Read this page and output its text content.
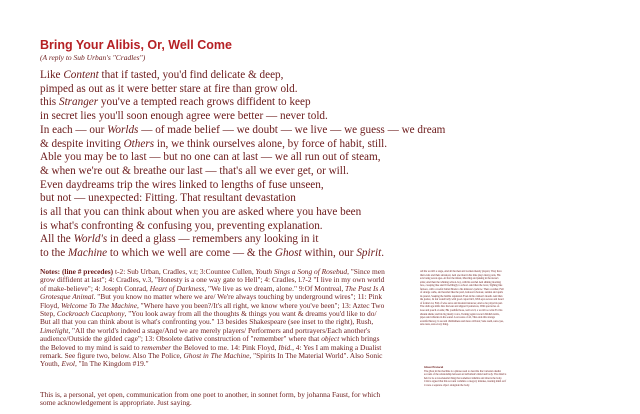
Bring Your Alibis, Or, Well Come
(A reply to Sub Urban's "Cradles")
Like Content that if tasted, you'd find delicate & deep,
pimped as out as it were better stare at fire than grow old.
this Stranger you've a tempted reach grows diffident to keep
in secret lies you'll soon enough agree were better — never told.
In each — our Worlds — of made belief — we doubt — we live — we guess — we dream
& despite inviting Others in, we think ourselves alone, by force of habit, still.
Able you may be to last — but no one can at last — we all run out of steam,
& when we're out & breathe our last — that's all we ever get, or will.
Even daydreams trip the wires linked to lengths of fuse unseen,
but not — unexpected: Fitting. That resultant devastation
is all that you can think about when you are asked where you have been
is what's confronting & confusing you, preventing explanation.
All the World's in deed a glass — remembers any looking in it
to the Machine to which we well are come — & the Ghost within, our Spirit.
Notes: (line # precedes) t-2: Sub Urban, Cradles, v.t; 3:Countee Cullen, Youth Sings a Song of Rosebud, "Since men grow diffident at last"; 4: Cradles, v.3, "Honesty is a one way gate to Hell"; 4: Cradles, l.?-2 "I live in my own world of make-believe"; 4: Joseph Conrad, Heart of Darkness, "We live as we dream, alone." 9:Of Montreal, The Past Is A Grotesque Animal. "But you know no matter where we are/ We're always touching by underground wires"; 11: Pink Floyd, Welcome To The Machine, "Where have you been?/It's all right, we know where you've been"; 13: Aztec Two Step, Cockroach Cacaphony, "You look away from all the thoughts & things you want & dreams you'd like to do/ But all that you can think about is what's confronting you." 13 besides Shakespeare (see inset to the right), Rush, Limelight, "All the world's indeed a stage/And we are merely players/ Performers and portrayers/Each another's audience/Outside the gilded cage"; 13: Obsolete dative construction of "remember" where that object which brings the Beloved to my mind is said to remember the Beloved to me. 14: Pink Floyd, Ibid., 4: Yes I am making a Dualist remark. See figure two, below. Also The Police, Ghost in The Machine, "Spirits In The Material World". Also Sonic Youth, Evol, "In The Kingdom #19."
This is, a personal, yet open, communication from one poet to another, in sonnet form, by johanna Faust, for which some acknowledgement is appropriate. Just saying.
All the world's a stage, And all the men and women merely players; They have their exits and their entrances; And one man in his time plays many parts, His acts being seven ages. At first the infant, Mewling and puking in the nurse's arms; And then the whining school-boy, with his satchel And shining morning face, creeping like snail Unwillingly to school. And then the lover, Sighing like furnace, with a woeful ballad Made to his mistress' eyebrow. Then a soldier, Full of strange oaths, and bearded like the pard, Jealous in honour, sudden and quick in quarrel, Seeking the bubble reputation Even in the cannon's mouth. And then the justice, In fair round belly with good capon lin'd, With eyes severe and beard of formal cut, Full of wise saws and modern instances; And so he plays his part. The sixth age shifts Into the lean and slipper'd pantaloon, With spectacles on nose and pouch on side; His youthful hose, well sav'd, a world too wide For his shrunk shank; and his big manly voice, Turning again toward childish treble, pipes And whistles in his sound. Last scene of all, That ends this strange eventful history, Is second childishness and mere oblivion; Sans teeth, sans eyes, sans taste, sans every thing.
Ghost Protocol
The ghost in the machine is a phrase used to describe the Cartesian dualist account of the relationship between an individual's mind and body. The mind is held to be a non-material thing that somehow inhabits and directs the body. Critics argued that this account commits a category mistake, treating mind as if it were a separate object alongside the body.
